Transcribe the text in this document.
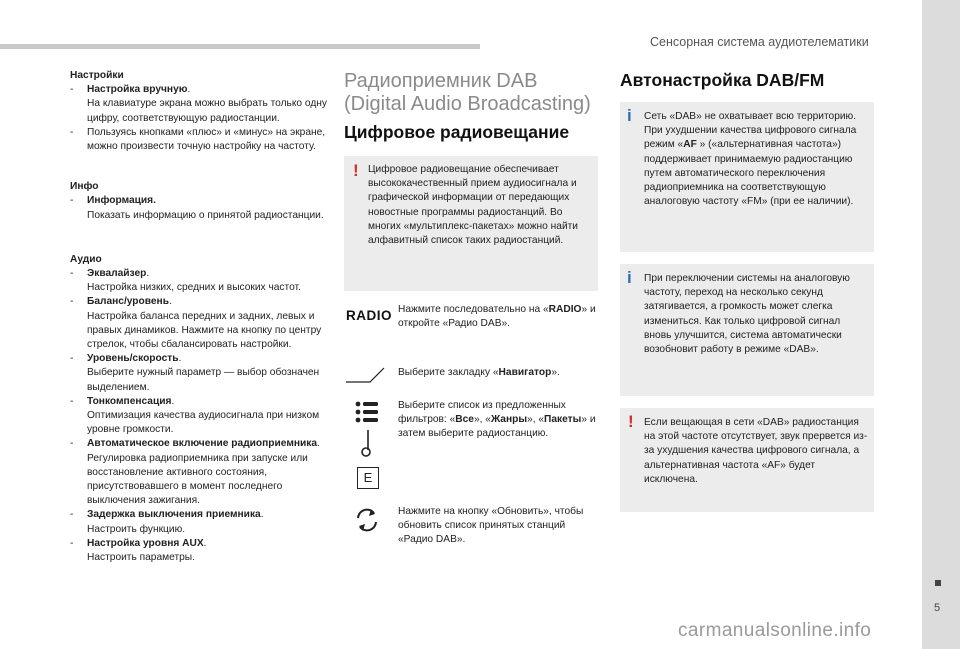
Сенсорная система аудиотелематики
5
Настройки
- Настройка вручную.
На клавиатуре экрана можно выбрать только одну цифру, соответствующую радиостанции.
- Пользуясь кнопками «плюс» и «минус» на экране, можно произвести точную настройку на частоту.
Инфо
- Информация.
Показать информацию о принятой радиостанции.
Аудио
- Эквалайзер.
Настройка низких, средних и высоких частот.
- Баланс/уровень.
Настройка баланса передних и задних, левых и правых динамиков. Нажмите на кнопку по центру стрелок, чтобы сбалансировать настройки.
- Уровень/скорость.
Выберите нужный параметр — выбор обозначен выделением.
- Тонкомпенсация.
Оптимизация качества аудиосигнала при низком уровне громкости.
- Автоматическое включение радиоприемника.
Регулировка радиоприемника при запуске или восстановление активного состояния, присутствовавшего в момент последнего выключения зажигания.
- Задержка выключения приемника.
Настроить функцию.
- Настройка уровня AUX.
Настроить параметры.
Радиоприемник DAB (Digital Audio Broadcasting)
Цифровое радиовещание
! Цифровое радиовещание обеспечивает высококачественный прием аудиосигнала и графической информации от передающих новостные программы радиостанций. Во многих «мультиплекс-пакетах» можно найти алфавитный список таких радиостанций.
RADIO Нажмите последовательно на «RADIO» и откройте «Радио DAB».
Выберите закладку «Навигатор».
E
Выберите список из предложенных фильтров: «Все», «Жанры», «Пакеты» и затем выберите радиостанцию.
Нажмите на кнопку «Обновить», чтобы обновить список принятых станций «Радио DAB».
Автонастройка DAB/FM
i Сеть «DAB» не охватывает всю территорию. При ухудшении качества цифрового сигнала режим «AF » («альтернативная частота») поддерживает принимаемую радиостанцию путем автоматического переключения радиоприемника на соответствующую аналоговую частоту «FM» (при ее наличии).
i При переключении системы на аналоговую частоту, переход на несколько секунд затягивается, а громкость может слегка измениться. Как только цифровой сигнал вновь улучшится, система автоматически возобновит работу в режиме «DAB».
! Если вещающая в сети «DAB» радиостанция на этой частоте отсутствует, звук прервется из-за ухудшения качества цифрового сигнала, а альтернативная частота «AF» будет исключена.
carmanualsonline.info
